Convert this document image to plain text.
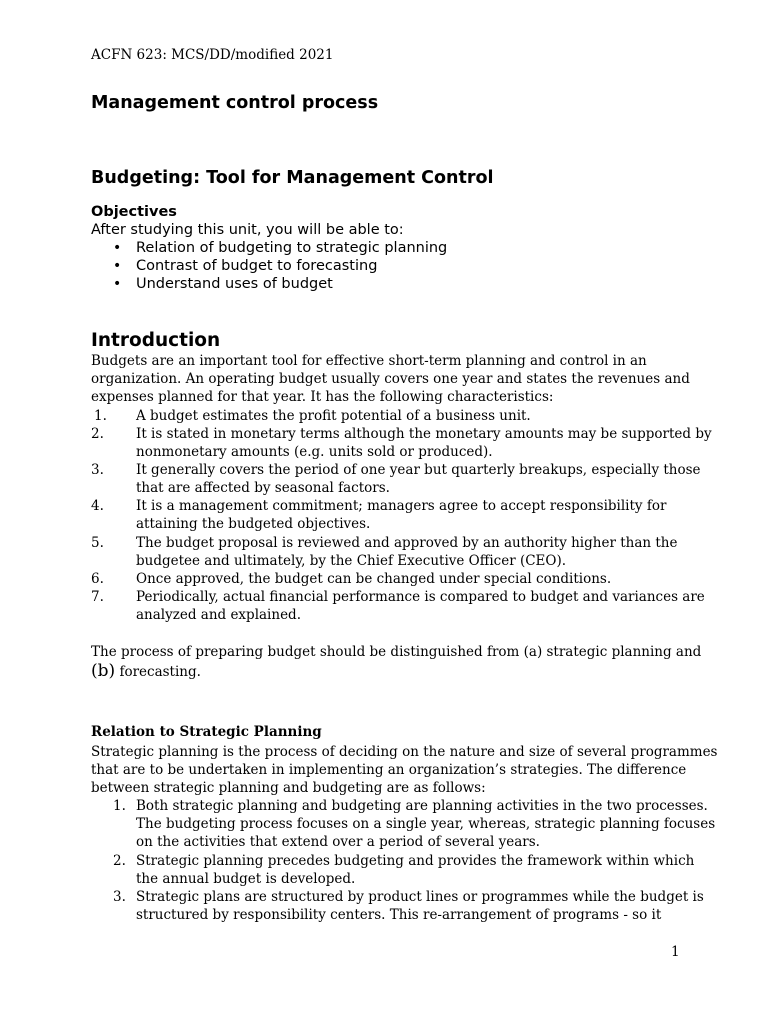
ACFN 623: MCS/DD/modified 2021
Management control process
Budgeting: Tool for Management Control
Objectives
After studying this unit, you will be able to:
• Relation of budgeting to strategic planning
• Contrast of budget to forecasting
• Understand uses of budget
Introduction
Budgets are an important tool for effective short-term planning and control in an
organization. An operating budget usually covers one year and states the revenues and
expenses planned for that year. It has the following characteristics:
1. A budget estimates the profit potential of a business unit.
2. It is stated in monetary terms although the monetary amounts may be supported by
nonmonetary amounts (e.g. units sold or produced).
3. It generally covers the period of one year but quarterly breakups, especially those
that are affected by seasonal factors.
4. It is a management commitment; managers agree to accept responsibility for
attaining the budgeted objectives.
5. The budget proposal is reviewed and approved by an authority higher than the
budgetee and ultimately, by the Chief Executive Officer (CEO).
6. Once approved, the budget can be changed under special conditions.
7. Periodically, actual financial performance is compared to budget and variances are
analyzed and explained.
The process of preparing budget should be distinguished from (a) strategic planning and
(b) forecasting.
Relation to Strategic Planning
Strategic planning is the process of deciding on the nature and size of several programmes
that are to be undertaken in implementing an organization’s strategies. The difference
between strategic planning and budgeting are as follows:
1. Both strategic planning and budgeting are planning activities in the two processes.
The budgeting process focuses on a single year, whereas, strategic planning focuses
on the activities that extend over a period of several years.
2. Strategic planning precedes budgeting and provides the framework within which
the annual budget is developed.
3. Strategic plans are structured by product lines or programmes while the budget is
structured by responsibility centers. This re-arrangement of programs - so it
1
